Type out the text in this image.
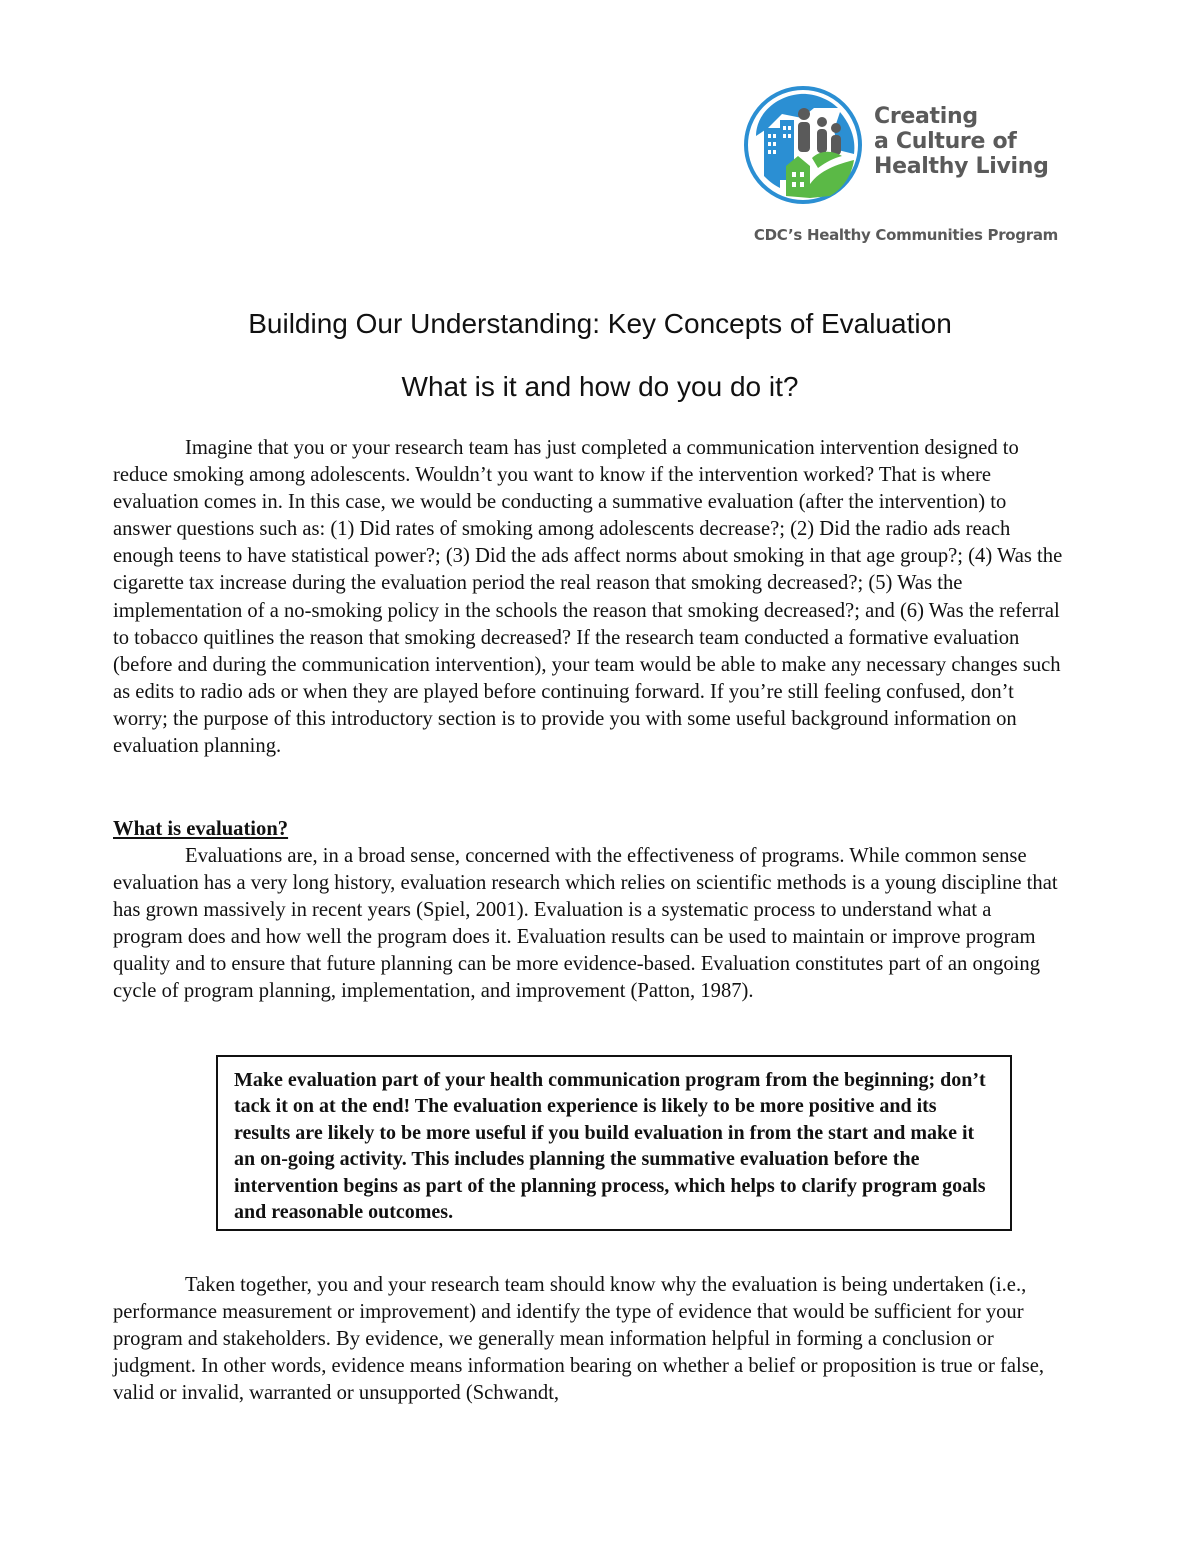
Creating
a Culture of
Healthy Living
CDC’s Healthy Communities Program
Building Our Understanding: Key Concepts of Evaluation
What is it and how do you do it?

Imagine that you or your research team has just completed a communication intervention designed to reduce smoking among adolescents. Wouldn’t you want to know if the intervention worked? That is where evaluation comes in. In this case, we would be conducting a summative evaluation (after the intervention) to answer questions such as: (1) Did rates of smoking among adolescents decrease?; (2) Did the radio ads reach enough teens to have statistical power?; (3) Did the ads affect norms about smoking in that age group?; (4) Was the cigarette tax increase during the evaluation period the real reason that smoking decreased?; (5) Was the implementation of a no-smoking policy in the schools the reason that smoking decreased?; and (6) Was the referral to tobacco quitlines the reason that smoking decreased? If the research team conducted a formative evaluation (before and during the communication intervention), your team would be able to make any necessary changes such as edits to radio ads or when they are played before continuing forward. If you’re still feeling confused, don’t worry; the purpose of this introductory section is to provide you with some useful background information on evaluation planning.

What is evaluation?

Evaluations are, in a broad sense, concerned with the effectiveness of programs. While common sense evaluation has a very long history, evaluation research which relies on scientific methods is a young discipline that has grown massively in recent years (Spiel, 2001). Evaluation is a systematic process to understand what a program does and how well the program does it. Evaluation results can be used to maintain or improve program quality and to ensure that future planning can be more evidence-based. Evaluation constitutes part of an ongoing cycle of program planning, implementation, and improvement (Patton, 1987).

Make evaluation part of your health communication program from the beginning; don’t tack it on at the end! The evaluation experience is likely to be more positive and its results are likely to be more useful if you build evaluation in from the start and make it an on-going activity. This includes planning the summative evaluation before the intervention begins as part of the planning process, which helps to clarify program goals and reasonable outcomes.

Taken together, you and your research team should know why the evaluation is being undertaken (i.e., performance measurement or improvement) and identify the type of evidence that would be sufficient for your program and stakeholders. By evidence, we generally mean information helpful in forming a conclusion or judgment. In other words, evidence means information bearing on whether a belief or proposition is true or false, valid or invalid, warranted or unsupported (Schwandt,
